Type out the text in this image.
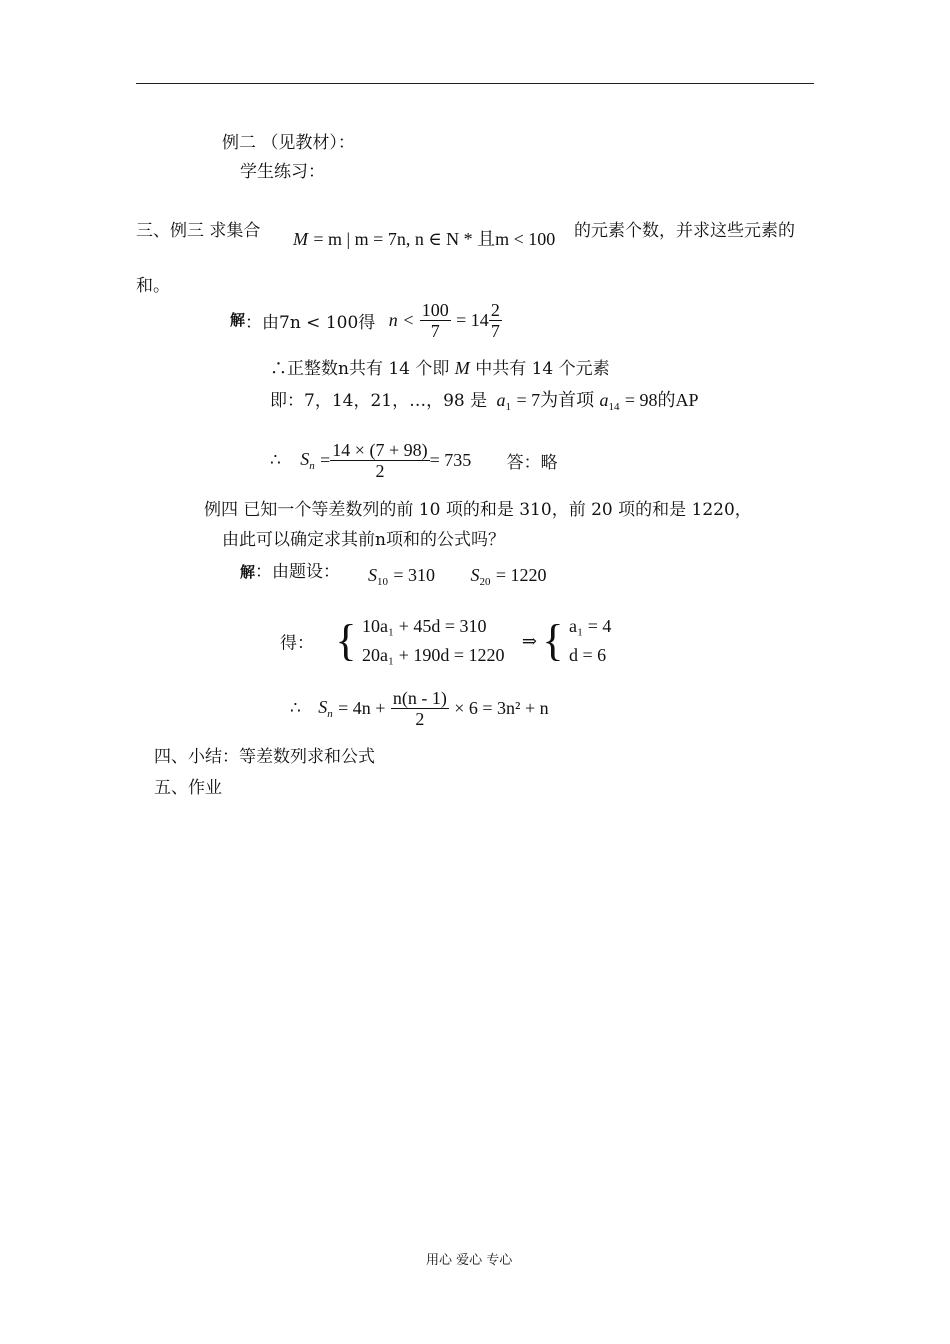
例二 （见教材）：
学生练习：
三、例三 求集合 M = m | m = 7n, n ∈ N * 且m < 100 的元素个数，并求这些元素的
和。
解：由7n < 100得 $n < \frac{100}{7} = 14 \frac{2}{7}$
∴正整数n共有 14 个即 M 中共有 14 个元素
即：7，14，21，…，98 是 $a_1 = 7$为首项 $a_{14} = 98$的AP
∴ $S_n = \frac{14 \times (7 + 98)}{2} = 735$ 答：略
例四 已知一个等差数列的前 10 项的和是 310，前 20 项的和是 1220，
由此可以确定求其前n项和的公式吗？
解：由题设： $S_{10} = 310$ $S_{20} = 1220$
得： { 10a₁ + 45d = 310
20a₁ + 190d = 1220
⇒ { a₁ = 4
d = 6
∴ $S_n = 4n + \frac{n(n - 1)}{2} \times 6 = 3n^2 + n$
四、小结：等差数列求和公式
五、作业
用心 爱心 专心
